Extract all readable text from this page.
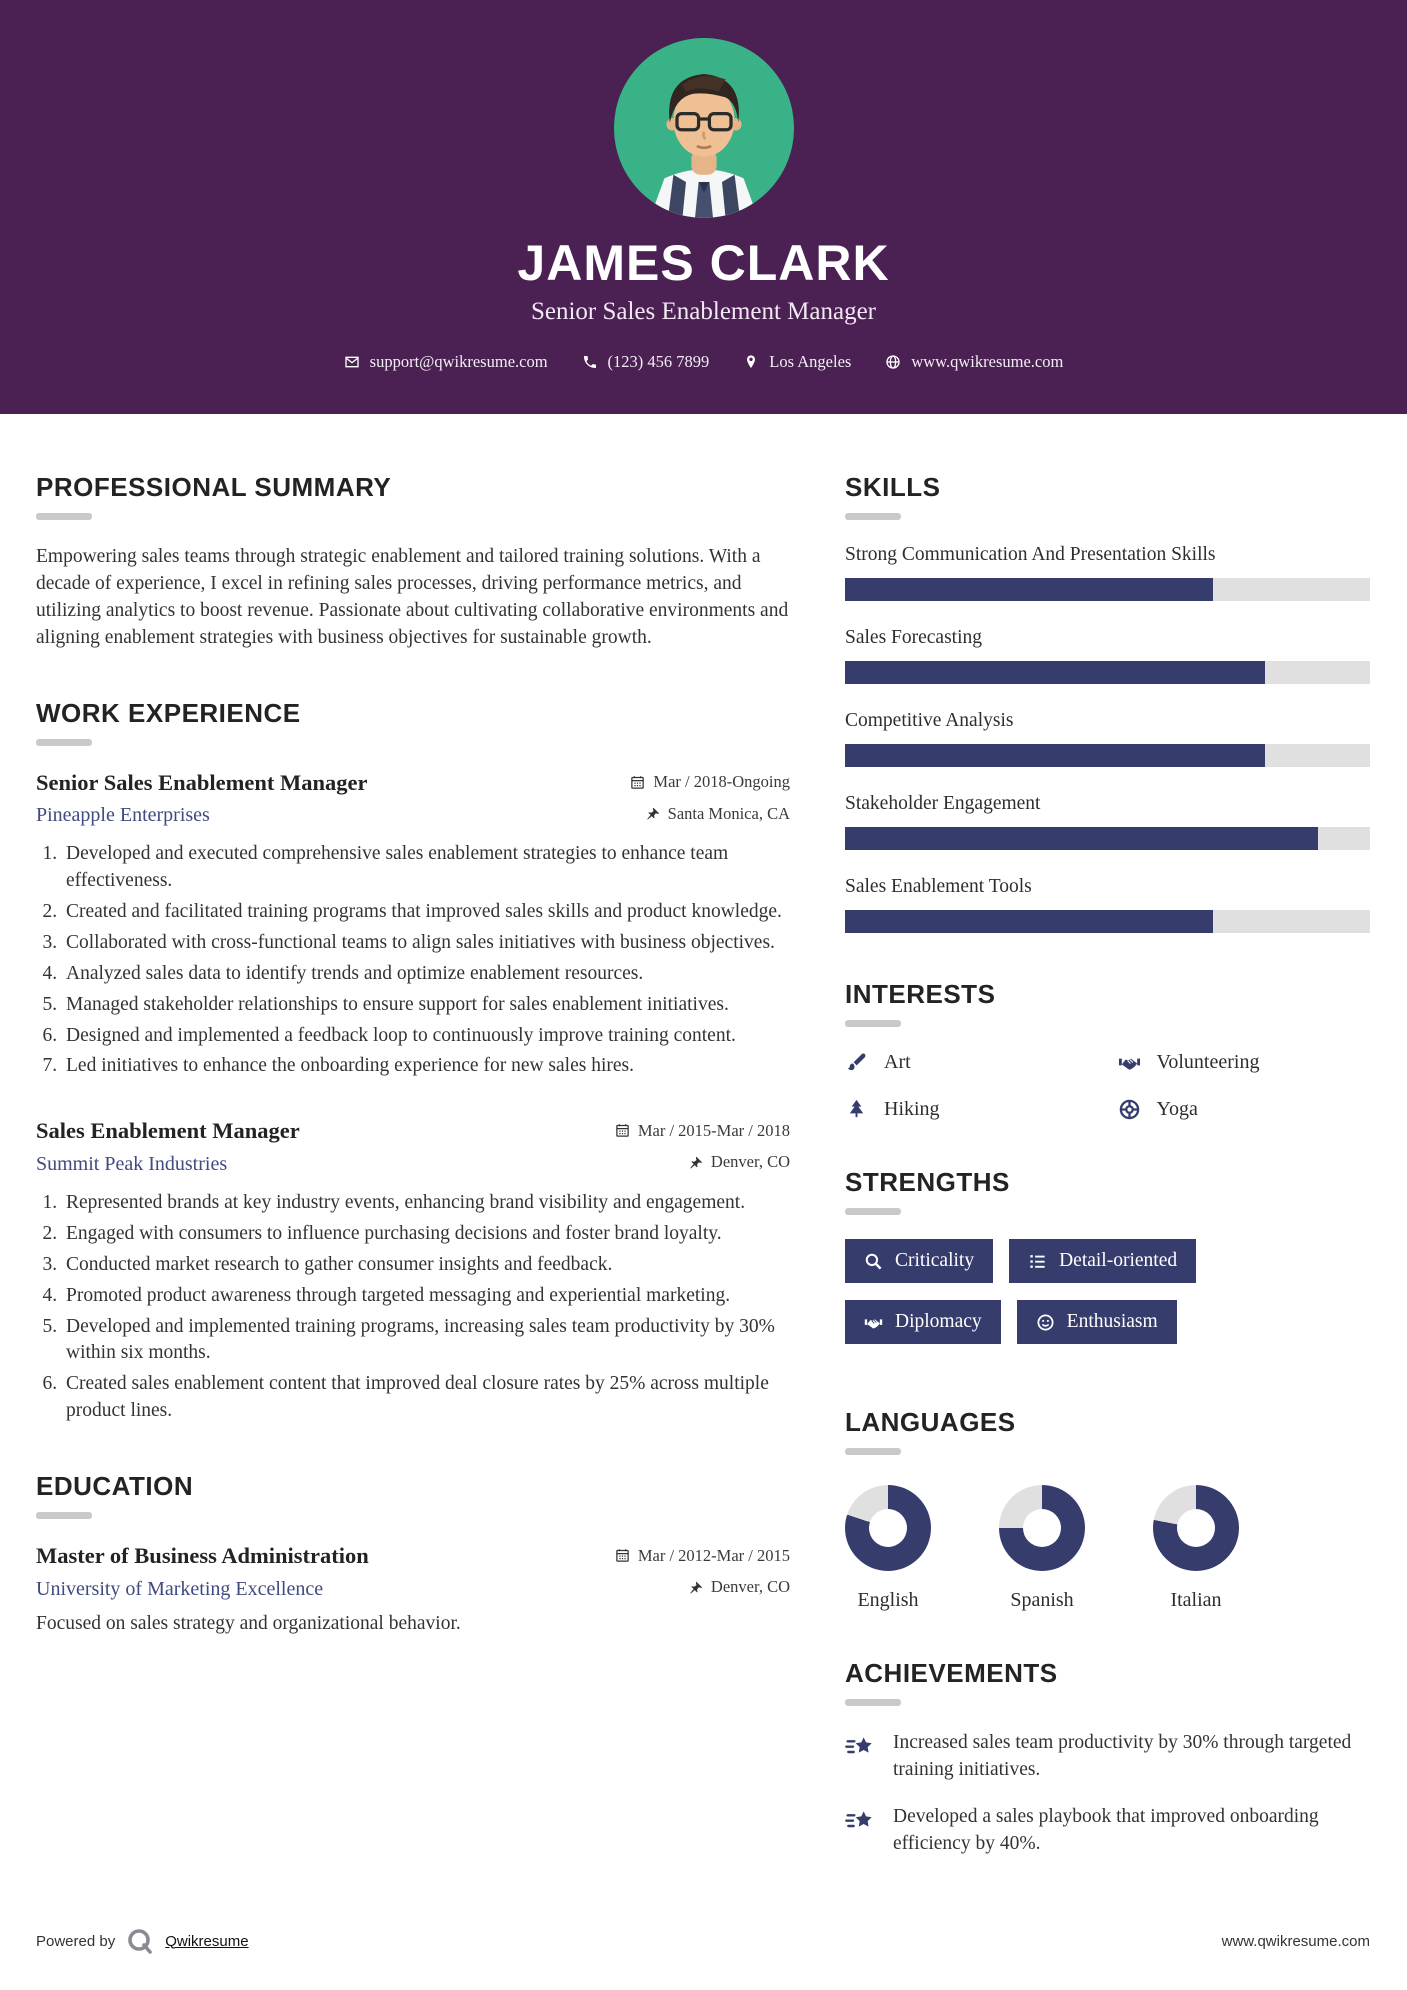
JAMES CLARK
Senior Sales Enablement Manager
support@qwikresume.com	(123) 456 7899	Los Angeles	www.qwikresume.com
PROFESSIONAL SUMMARY

Empowering sales teams through strategic enablement and tailored training solutions. With a decade of experience, I excel in refining sales processes, driving performance metrics, and utilizing analytics to boost revenue. Passionate about cultivating collaborative environments and aligning enablement strategies with business objectives for sustainable growth.

WORK EXPERIENCE
Senior Sales Enablement Manager	Mar / 2018-Ongoing
Pineapple Enterprises	Santa Monica, CA
1. Developed and executed comprehensive sales enablement strategies to enhance team effectiveness.
2. Created and facilitated training programs that improved sales skills and product knowledge.
3. Collaborated with cross-functional teams to align sales initiatives with business objectives.
4. Analyzed sales data to identify trends and optimize enablement resources.
5. Managed stakeholder relationships to ensure support for sales enablement initiatives.
6. Designed and implemented a feedback loop to continuously improve training content.
7. Led initiatives to enhance the onboarding experience for new sales hires.
Sales Enablement Manager	Mar / 2015-Mar / 2018
Summit Peak Industries	Denver, CO
1. Represented brands at key industry events, enhancing brand visibility and engagement.
2. Engaged with consumers to influence purchasing decisions and foster brand loyalty.
3. Conducted market research to gather consumer insights and feedback.
4. Promoted product awareness through targeted messaging and experiential marketing.
5. Developed and implemented training programs, increasing sales team productivity by 30% within six months.
6. Created sales enablement content that improved deal closure rates by 25% across multiple product lines.
EDUCATION
Master of Business Administration	Mar / 2012-Mar / 2015
University of Marketing Excellence	Denver, CO

Focused on sales strategy and organizational behavior.

SKILLS
Strong Communication And Presentation Skills
Sales Forecasting
Competitive Analysis
Stakeholder Engagement
Sales Enablement Tools
INTERESTS
Art	Volunteering
Hiking	Yoga
STRENGTHS
Criticality	Detail-oriented
Diplomacy	Enthusiasm
LANGUAGES
English	Spanish	Italian
ACHIEVEMENTS
Increased sales team productivity by 30% through targeted training initiatives.
Developed a sales playbook that improved onboarding efficiency by 40%.
Powered by	Qwikresume	www.qwikresume.com
